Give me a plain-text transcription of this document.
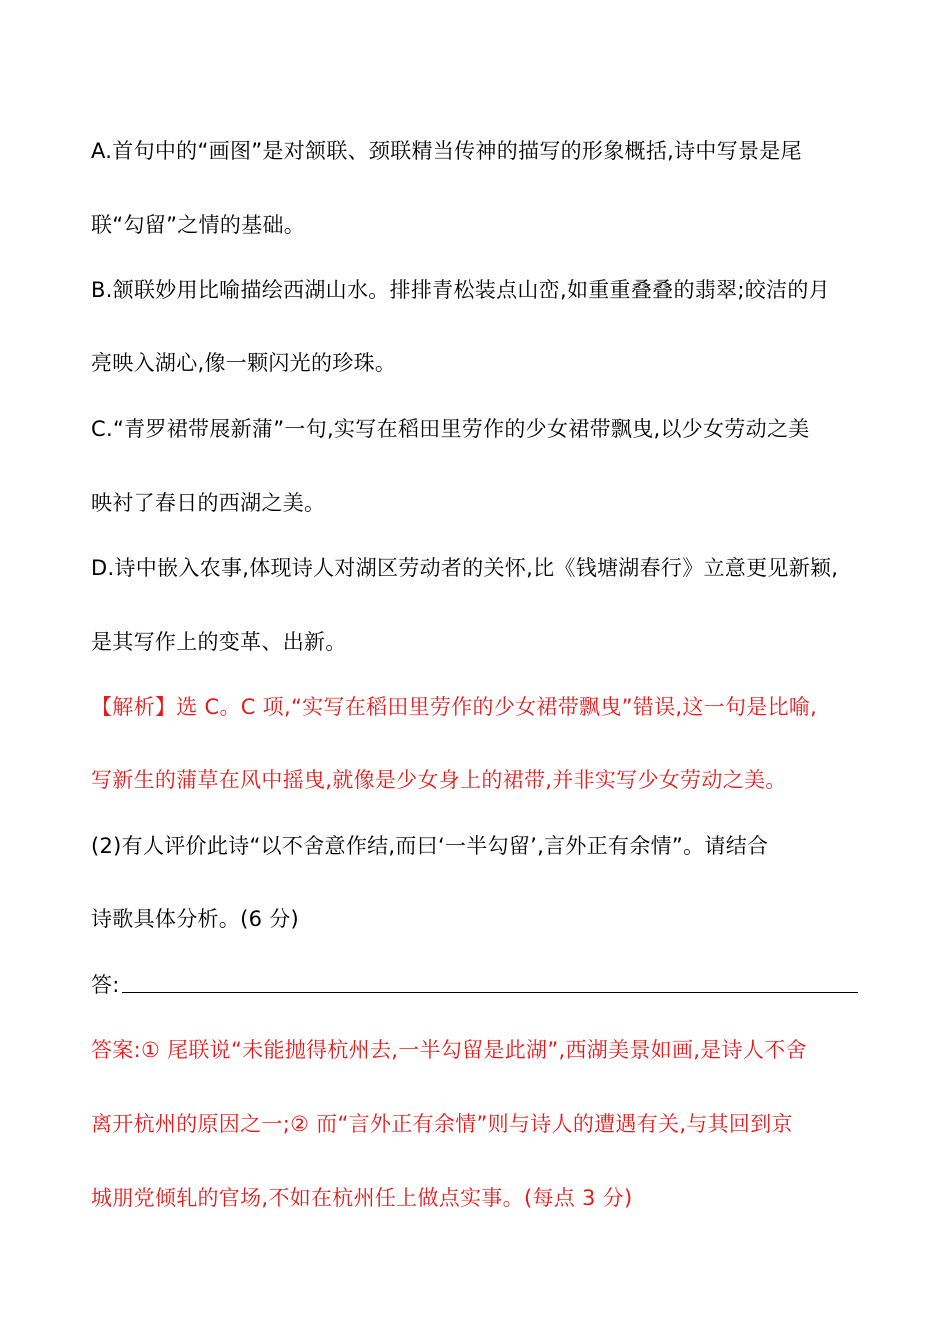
A.首句中的“画图”是对颔联、颈联精当传神的描写的形象概括,诗中写景是尾
联“勾留”之情的基础。
B.颔联妙用比喻描绘西湖山水。排排青松装点山峦,如重重叠叠的翡翠;皎洁的月
亮映入湖心,像一颗闪光的珍珠。
C.“青罗裙带展新蒲”一句,实写在稻田里劳作的少女裙带飘曳,以少女劳动之美
映衬了春日的西湖之美。
D.诗中嵌入农事,体现诗人对湖区劳动者的关怀,比《钱塘湖春行》立意更见新颖,
是其写作上的变革、出新。
【解析】选 C。C 项,“实写在稻田里劳作的少女裙带飘曳”错误,这一句是比喻,
写新生的蒲草在风中摇曳,就像是少女身上的裙带,并非实写少女劳动之美。
(2)有人评价此诗“以不舍意作结,而曰‘一半勾留’,言外正有余情”。请结合
诗歌具体分析。(6 分)
答:
答案:① 尾联说“未能抛得杭州去,一半勾留是此湖”,西湖美景如画,是诗人不舍
离开杭州的原因之一;② 而“言外正有余情”则与诗人的遭遇有关,与其回到京
城朋党倾轧的官场,不如在杭州任上做点实事。(每点 3 分)
